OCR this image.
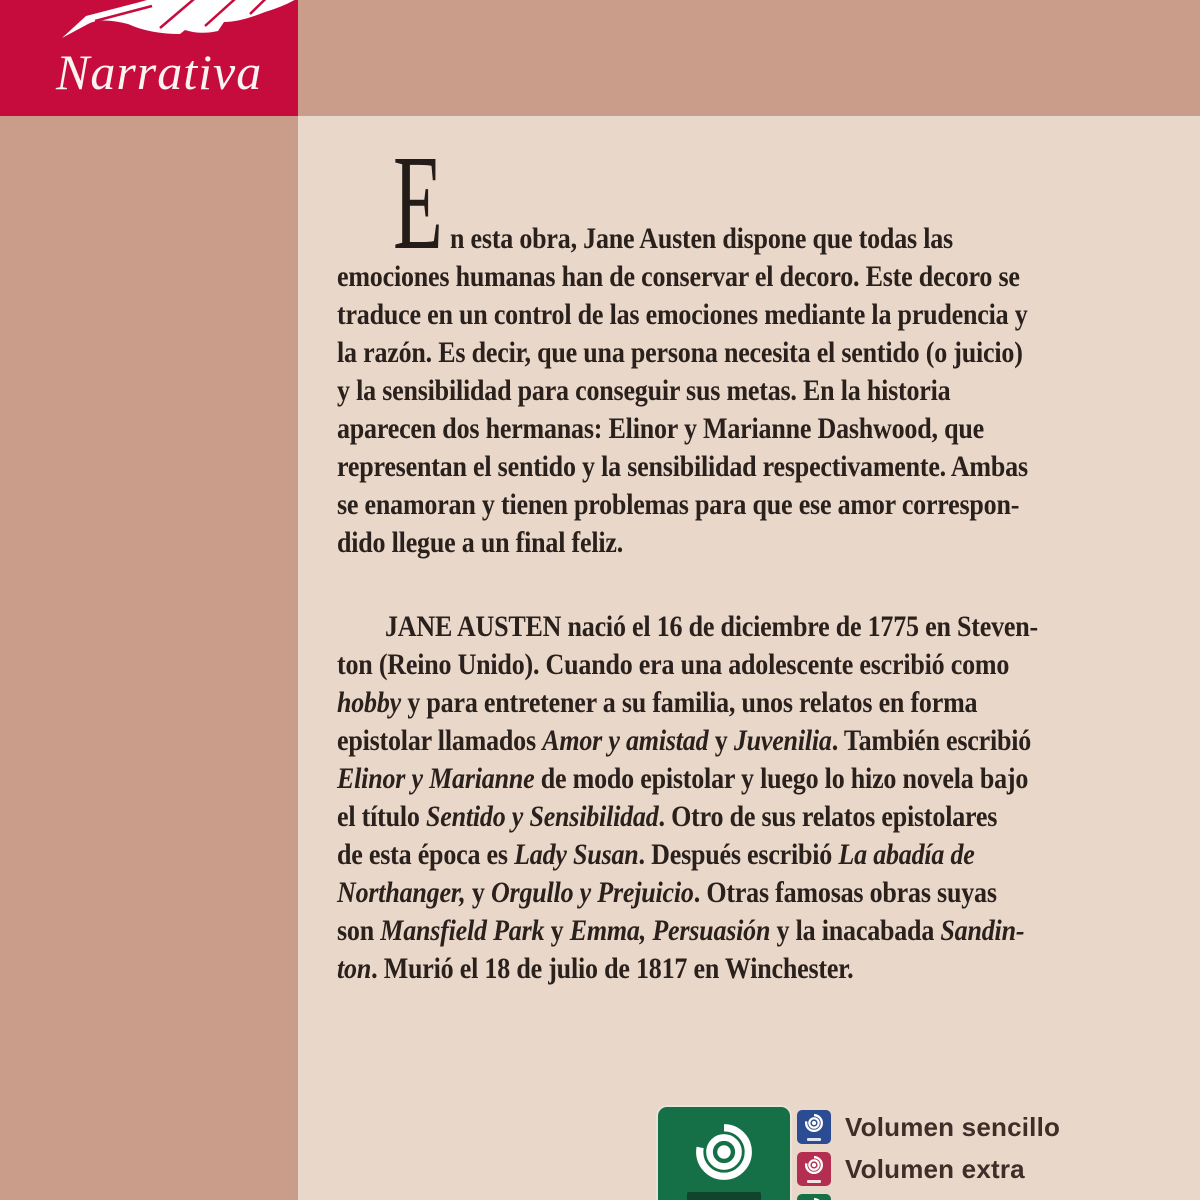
Narrativa
E n esta obra, Jane Austen dispone que todas las
emociones humanas han de conservar el decoro. Este decoro se
traduce en un control de las emociones mediante la prudencia y
la razón. Es decir, que una persona necesita el sentido (o juicio)
y la sensibilidad para conseguir sus metas. En la historia
aparecen dos hermanas: Elinor y Marianne Dashwood, que
representan el sentido y la sensibilidad respectivamente. Ambas
se enamoran y tienen problemas para que ese amor correspon-
dido llegue a un final feliz.
JANE AUSTEN nació el 16 de diciembre de 1775 en Steven-
ton (Reino Unido). Cuando era una adolescente escribió como
hobby y para entretener a su familia, unos relatos en forma
epistolar llamados Amor y amistad y Juvenilia. También escribió
Elinor y Marianne de modo epistolar y luego lo hizo novela bajo
el título Sentido y Sensibilidad. Otro de sus relatos epistolares
de esta época es Lady Susan. Después escribió La abadía de
Northanger, y Orgullo y Prejuicio. Otras famosas obras suyas
son Mansfield Park y Emma, Persuasión y la inacabada Sandin-
ton. Murió el 18 de julio de 1817 en Winchester.
Volumen sencillo
Volumen extra
